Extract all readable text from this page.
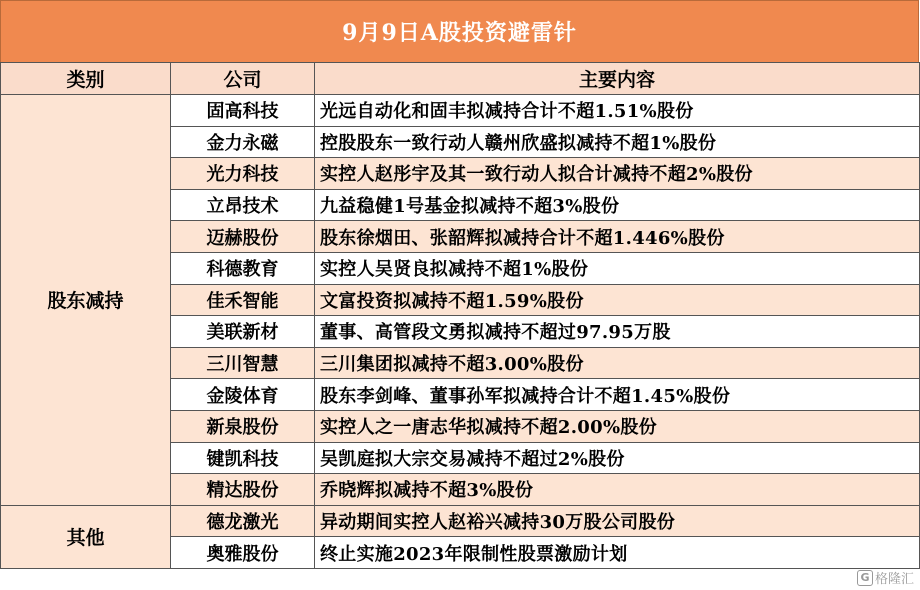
9月9日A股投资避雷针
类别	公司	主要内容
股东减持	固高科技	光远自动化和固丰拟减持合计不超1.51%股份
	金力永磁	控股股东一致行动人赣州欣盛拟减持不超1%股份
	光力科技	实控人赵彤宇及其一致行动人拟合计减持不超2%股份
	立昂技术	九益稳健1号基金拟减持不超3%股份
	迈赫股份	股东徐烟田、张韶辉拟减持合计不超1.446%股份
	科德教育	实控人吴贤良拟减持不超1%股份
	佳禾智能	文富投资拟减持不超1.59%股份
	美联新材	董事、高管段文勇拟减持不超过97.95万股
	三川智慧	三川集团拟减持不超3.00%股份
	金陵体育	股东李剑峰、董事孙军拟减持合计不超1.45%股份
	新泉股份	实控人之一唐志华拟减持不超2.00%股份
	键凯科技	吴凯庭拟大宗交易减持不超过2%股份
	精达股份	乔晓辉拟减持不超3%股份
其他	德龙激光	异动期间实控人赵裕兴减持30万股公司股份
	奥雅股份	终止实施2023年限制性股票激励计划
G 格隆汇
